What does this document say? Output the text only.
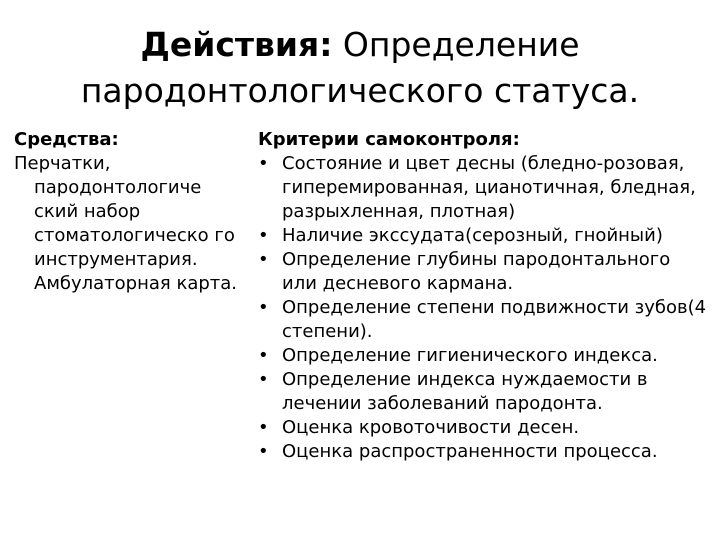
Действия: Определение
пародонтологического статуса.
Средства:
Перчатки, пародонтологиче ский набор стоматологическо го инструментария. Амбулаторная карта.
Критерии самоконтроля:
• Состояние и цвет десны (бледно-розовая, гиперемированная, цианотичная, бледная, разрыхленная, плотная)
• Наличие экссудата(серозный, гнойный)
• Определение глубины пародонтального или десневого кармана.
• Определение степени подвижности зубов(4 степени).
• Определение гигиенического индекса.
• Определение индекса нуждаемости в лечении заболеваний пародонта.
• Оценка кровоточивости десен.
• Оценка распространенности процесса.
